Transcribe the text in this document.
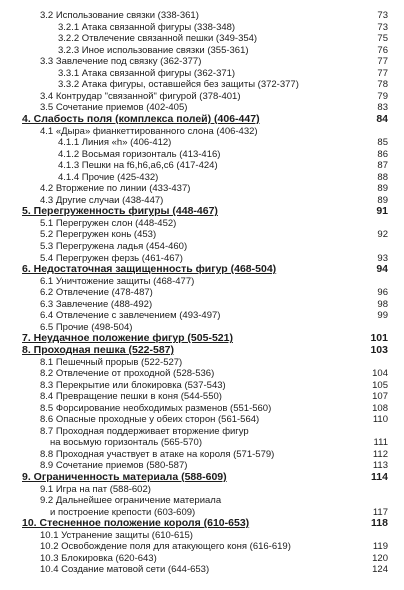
3.2 Использование связки (338-361)	73
3.2.1 Атака связанной фигуры (338-348)	73
3.2.2 Отвлечение связанной пешки (349-354)	75
3.2.3 Иное использование связки (355-361)	76
3.3 Завлечение под связку (362-377)	77
3.3.1 Атака связанной фигуры (362-371)	77
3.3.2 Атака фигуры, оставшейся без защиты (372-377)	78
3.4 Контрудар "связанной" фигурой (378-401)	79
3.5 Сочетание приемов (402-405)	83
4. Слабость поля (комплекса полей) (406-447)	84
4.1 «Дыра» фианкеттированного слона (406-432)
4.1.1 Линия «h» (406-412)	85
4.1.2 Восьмая горизонталь (413-416)	86
4.1.3 Пешки на f6,h6,а6,с6 (417-424)	87
4.1.4 Прочие (425-432)	88
4.2 Вторжение по линии (433-437)	89
4.3 Другие случаи (438-447)	89
5. Перегруженность фигуры (448-467)	91
5.1 Перегружен слон (448-452)
5.2 Перегружен конь (453)	92
5.3 Перегружена ладья (454-460)
5.4 Перегружен ферзь (461-467)	93
6. Недостаточная защищенность фигур (468-504)	94
6.1 Уничтожение защиты (468-477)
6.2 Отвлечение (478-487)	96
6.3 Завлечение (488-492)	98
6.4 Отвлечение с завлечением (493-497)	99
6.5 Прочие (498-504)
7. Неудачное положение фигур (505-521)	101
8. Проходная пешка (522-587)	103
8.1 Пешечный прорыв (522-527)
8.2 Отвлечение от проходной (528-536)	104
8.3 Перекрытие или блокировка (537-543)	105
8.4 Превращение пешки в коня (544-550)	107
8.5 Форсирование необходимых разменов (551-560)	108
8.6 Опасные проходные у обеих сторон (561-564)	110
8.7 Проходная поддерживает вторжение фигур
на восьмую горизонталь (565-570)	111
8.8 Проходная участвует в атаке на короля (571-579)	112
8.9 Сочетание приемов (580-587)	113
9. Ограниченность материала (588-609)	114
9.1 Игра на пат (588-602)
9.2 Дальнейшее ограничение материала
и построение крепости (603-609)	117
10. Стесненное положение короля (610-653)	118
10.1 Устранение защиты (610-615)
10.2 Освобождение поля для атакующего коня (616-619)	119
10.3 Блокировка (620-643)	120
10.4 Создание матовой сети (644-653)	124
